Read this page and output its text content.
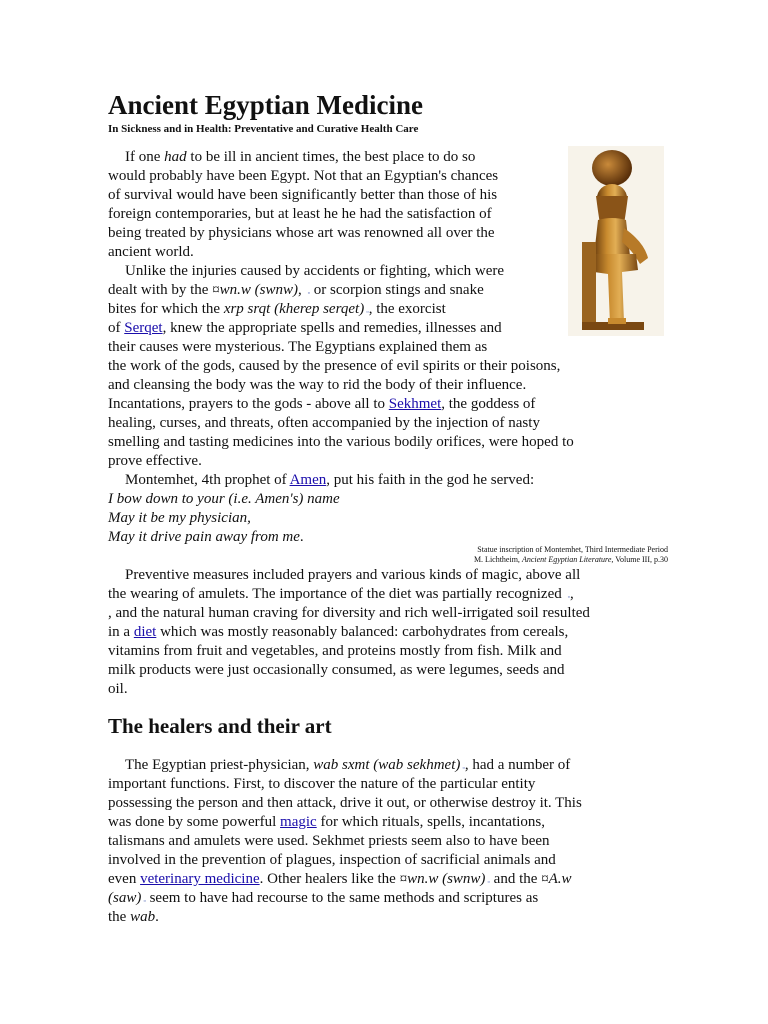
Ancient Egyptian Medicine
In Sickness and in Health: Preventative and Curative Health Care
If one had to be ill in ancient times, the best place to do so
would probably have been Egypt. Not that an Egyptian's chances
of survival would have been significantly better than those of his
foreign contemporaries, but at least he he had the satisfaction of
being treated by physicians whose art was renowned all over the
ancient world.
Unlike the injuries caused by accidents or fighting, which were
dealt with by the ¤wn.w (swnw), ▫ or scorpion stings and snake
bites for which the xrp srqt (kherep serqet) ▫, the exorcist
of Serqet, knew the appropriate spells and remedies, illnesses and
their causes were mysterious. The Egyptians explained them as
the work of the gods, caused by the presence of evil spirits or their poisons,
and cleansing the body was the way to rid the body of their influence.
Incantations, prayers to the gods - above all to Sekhmet, the goddess of
healing, curses, and threats, often accompanied by the injection of nasty
smelling and tasting medicines into the various bodily orifices, were hoped to
prove effective.
Montemhet, 4th prophet of Amen, put his faith in the god he served:
I bow down to your (i.e. Amen's) name
May it be my physician,
May it drive pain away from me.
Statue inscription of Montemhet, Third Intermediate Period
M. Lichtheim, Ancient Egyptian Literature, Volume III, p.30
Preventive measures included prayers and various kinds of magic, above all
the wearing of amulets. The importance of the diet was partially recognized ▫,
, and the natural human craving for diversity and rich well-irrigated soil resulted
in a diet which was mostly reasonably balanced: carbohydrates from cereals,
vitamins from fruit and vegetables, and proteins mostly from fish. Milk and
milk products were just occasionally consumed, as were legumes, seeds and
oil.
The healers and their art
The Egyptian priest-physician, wab sxmt (wab sekhmet) ▫, had a number of
important functions. First, to discover the nature of the particular entity
possessing the person and then attack, drive it out, or otherwise destroy it. This
was done by some powerful magic for which rituals, spells, incantations,
talismans and amulets were used. Sekhmet priests seem also to have been
involved in the prevention of plagues, inspection of sacrificial animals and
even veterinary medicine. Other healers like the ¤wn.w (swnw) ▫ and the ¤A.w
(saw) ▫ seem to have had recourse to the same methods and scriptures as
the wab.
